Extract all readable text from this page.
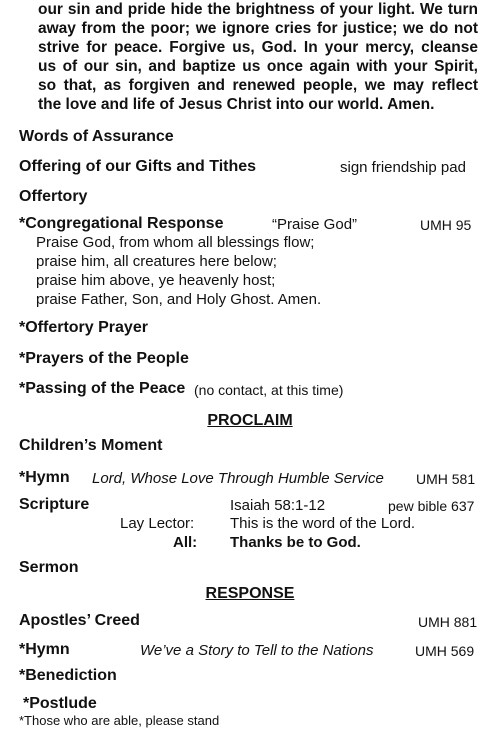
our sin and pride hide the brightness of your light. We turn
away from the poor; we ignore cries for justice; we do not
strive for peace. Forgive us, God. In your mercy, cleanse
us of our sin, and baptize us once again with your Spirit,
so that, as forgiven and renewed people, we may reflect
the love and life of Jesus Christ into our world. Amen.
Words of Assurance
Offering of our Gifts and Tithes	sign friendship pad
Offertory
*Congregational Response	“Praise God”	UMH 95
Praise God, from whom all blessings flow;
praise him, all creatures here below;
praise him above, ye heavenly host;
praise Father, Son, and Holy Ghost. Amen.
*Offertory Prayer
*Prayers of the People
*Passing of the Peace (no contact, at this time)
PROCLAIM
Children’s Moment
*Hymn Lord, Whose Love Through Humble Service UMH 581
Scripture	Isaiah 58:1-12	pew bible 637
Lay Lector: This is the word of the Lord.
All: Thanks be to God.
Sermon
RESPONSE
Apostles’ Creed	UMH 881
*Hymn	We’ve a Story to Tell to the Nations	UMH 569
*Benediction
*Postlude
*Those who are able, please stand
